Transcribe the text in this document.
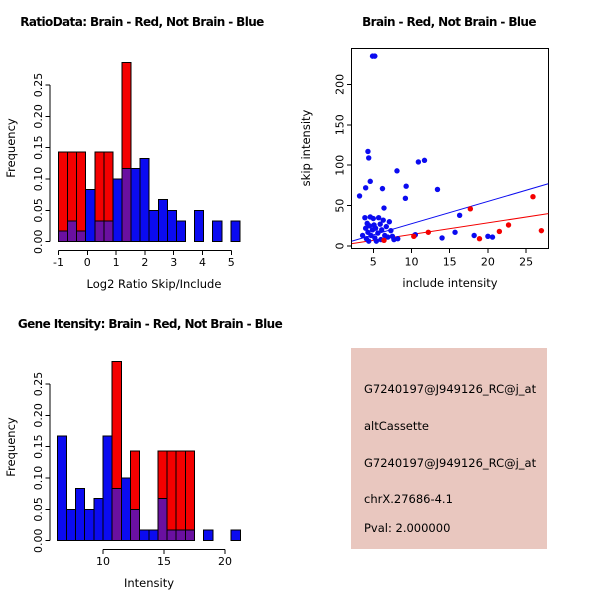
RatioData: Brain - Red, Not Brain - Blue	Brain - Red, Not Brain - Blue
Gene Itensity: Brain - Red, Not Brain - Blue
Log2 Ratio Skip/Include
Frequency
include intensity
skip intensity
Intensity
Frequency
0.00
0.05
0.10
0.15
0.20
0.25
-1 0 1 2 3 4 5	5	10 15 20 25
0
50
100
150
200
0.00
0.05
0.10
0.15
0.20
0.25
10	15	20
G7240197@J949126_RC@j_at
altCassette
G7240197@J949126_RC@j_at
chrX.27686-4.1
Pval: 2.000000
